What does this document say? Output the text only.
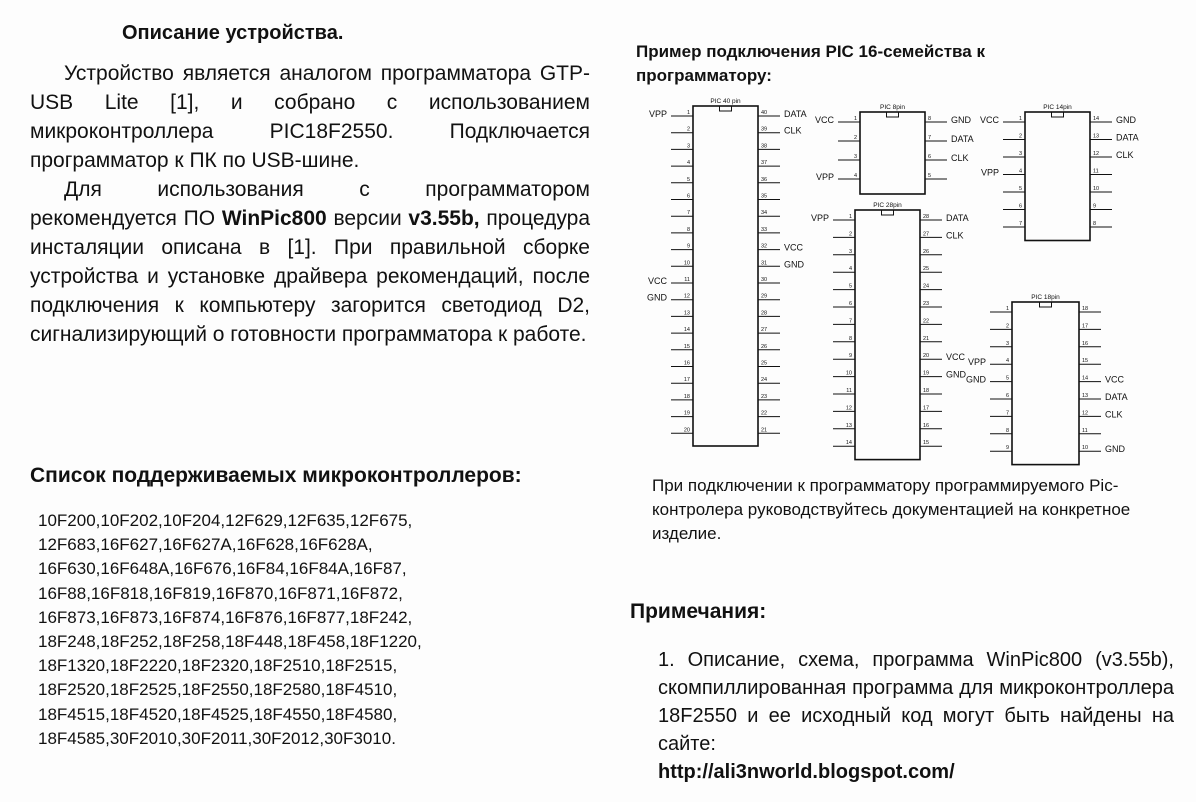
Описание устройства.

Устройство является аналогом программатора GTP-USB Lite [1], и собрано с использованием микроконтроллера PIC18F2550. Подключается программатор к ПК по USB-шине.

Для использования с программатором рекомендуется ПО WinPic800 версии v3.55b, процедура инсталяции описана в [1]. При правильной сборке устройства и установке драйвера рекомендаций, после подключения к компьютеру загорится светодиод D2, сигнализирующий о готовности программатора к работе.

Список поддерживаемых микроконтроллеров:
10F200,10F202,10F204,12F629,12F635,12F675,
12F683,16F627,16F627A,16F628,16F628A,
16F630,16F648A,16F676,16F84,16F84A,16F87,
16F88,16F818,16F819,16F870,16F871,16F872,
16F873,16F873,16F874,16F876,16F877,18F242,
18F248,18F252,18F258,18F448,18F458,18F1220,
18F1320,18F2220,18F2320,18F2510,18F2515,
18F2520,18F2525,18F2550,18F2580,18F4510,
18F4515,18F4520,18F4525,18F4550,18F4580,
18F4585,30F2010,30F2011,30F2012,30F3010.
Пример подключения PIC 16-семейства к программатору:
PIC 40 pin
1	40
VPP	DATA
2	39 CLK
3	38
4	37
5	36
6	35
7	34
8	33
9	32 VCC
10	31 GND
11	30
VCC
12	29
GND
13	28
14	27
15	26
16	25
17	24
18	23
19	22
20	21
PIC 8pin
1	8
VCC	GND
2	7 DATA
3	6 CLK
4	5
VPP
PIC 14pin
1	14
VCC	GND
2	13 DATA
3	12 CLK
4	11
VPP
5	10
6	9
7	8
PIC 28pin
1	28
VPP	DATA
2	27 CLK
3	26
4	25
5	24
6	23
7	22
8	21
9	20 VCC
10	19 GND
11	18
12	17
13	16
14	15
PIC 18pin
1	18
2	17
3	16
4	15
VPP
5	14
GND	VCC
6	13 DATA
7	12 CLK
8	11
9	10 GND
При подключении к программатору программируемого Pic-контролера руководствуйтесь документацией на конкретное изделие.
Примечания:
1. Описание, схема, программа WinPic800 (v3.55b), скомпиллированная программа для микроконтроллера 18F2550 и ее исходный код могут быть найдены на сайте:
http://ali3nworld.blogspot.com/
